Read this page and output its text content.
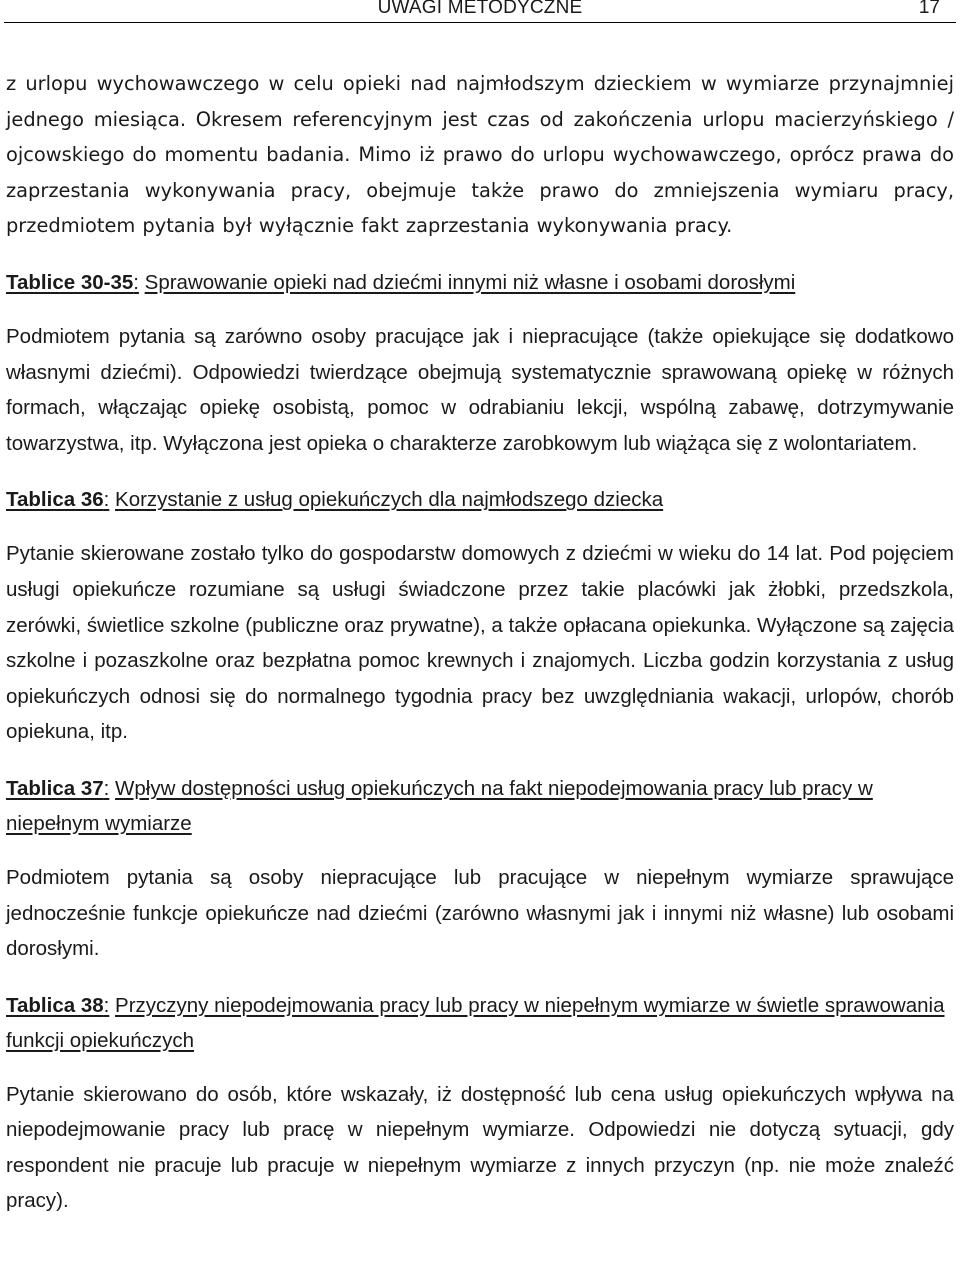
UWAGI METODYCZNE	17

z urlopu wychowawczego w celu opieki nad najmłodszym dzieckiem w wymiarze przynajmniej jednego miesiąca. Okresem referencyjnym jest czas od zakończenia urlopu macierzyńskiego / ojcowskiego do momentu badania. Mimo iż prawo do urlopu wychowawczego, oprócz prawa do zaprzestania wykonywania pracy, obejmuje także prawo do zmniejszenia wymiaru pracy, przedmiotem pytania był wyłącznie fakt zaprzestania wykonywania pracy.

Tablice 30-35: Sprawowanie opieki nad dziećmi innymi niż własne i osobami dorosłymi

Podmiotem pytania są zarówno osoby pracujące jak i niepracujące (także opiekujące się dodatkowo własnymi dziećmi). Odpowiedzi twierdzące obejmują systematycznie sprawowaną opiekę w różnych formach, włączając opiekę osobistą, pomoc w odrabianiu lekcji, wspólną zabawę, dotrzymywanie towarzystwa, itp. Wyłączona jest opieka o charakterze zarobkowym lub wiążąca się z wolontariatem.

Tablica 36: Korzystanie z usług opiekuńczych dla najmłodszego dziecka

Pytanie skierowane zostało tylko do gospodarstw domowych z dziećmi w wieku do 14 lat. Pod pojęciem usługi opiekuńcze rozumiane są usługi świadczone przez takie placówki jak żłobki, przedszkola, zerówki, świetlice szkolne (publiczne oraz prywatne), a także opłacana opiekunka. Wyłączone są zajęcia szkolne i pozaszkolne oraz bezpłatna pomoc krewnych i znajomych. Liczba godzin korzystania z usług opiekuńczych odnosi się do normalnego tygodnia pracy bez uwzględniania wakacji, urlopów, chorób opiekuna, itp.

Tablica 37: Wpływ dostępności usług opiekuńczych na fakt niepodejmowania pracy lub pracy w niepełnym wymiarze

Podmiotem pytania są osoby niepracujące lub pracujące w niepełnym wymiarze sprawujące jednocześnie funkcje opiekuńcze nad dziećmi (zarówno własnymi jak i innymi niż własne) lub osobami dorosłymi.

Tablica 38: Przyczyny niepodejmowania pracy lub pracy w niepełnym wymiarze w świetle sprawowania funkcji opiekuńczych

Pytanie skierowano do osób, które wskazały, iż dostępność lub cena usług opiekuńczych wpływa na niepodejmowanie pracy lub pracę w niepełnym wymiarze. Odpowiedzi nie dotyczą sytuacji, gdy respondent nie pracuje lub pracuje w niepełnym wymiarze z innych przyczyn (np. nie może znaleźć pracy).
